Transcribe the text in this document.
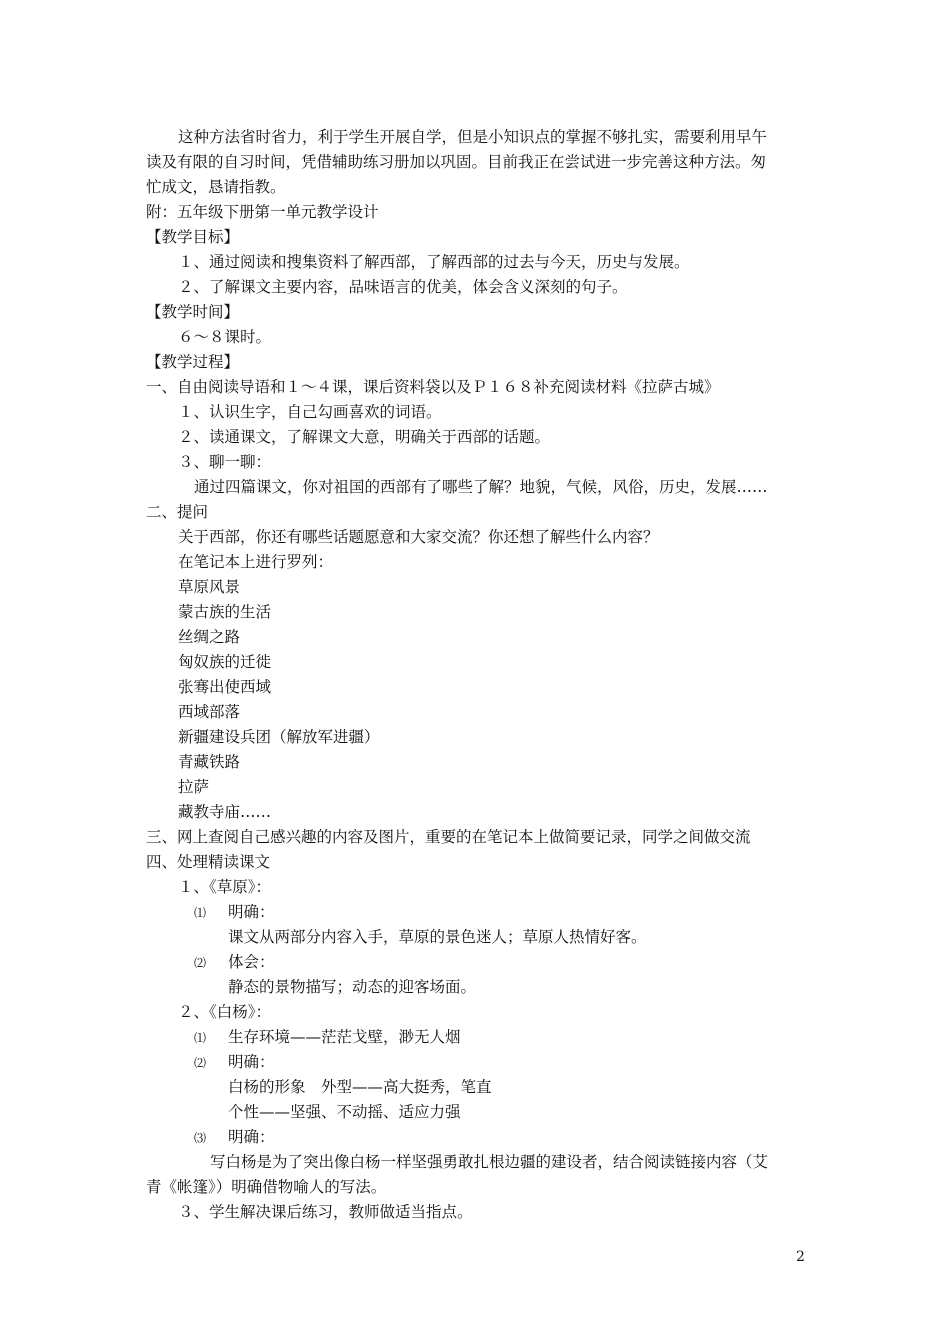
这种方法省时省力，利于学生开展自学，但是小知识点的掌握不够扎实，需要利用早午
读及有限的自习时间，凭借辅助练习册加以巩固。目前我正在尝试进一步完善这种方法。匆
忙成文，恳请指教。
附：五年级下册第一单元教学设计
【教学目标】
１、通过阅读和搜集资料了解西部，了解西部的过去与今天，历史与发展。
２、了解课文主要内容，品味语言的优美，体会含义深刻的句子。
【教学时间】
６～８课时。
【教学过程】
一、自由阅读导语和１～４课，课后资料袋以及Ｐ１６８补充阅读材料《拉萨古城》
１、认识生字，自己勾画喜欢的词语。
２、读通课文，了解课文大意，明确关于西部的话题。
３、聊一聊：
通过四篇课文，你对祖国的西部有了哪些了解？地貌，气候，风俗，历史，发展……
二、提问
关于西部，你还有哪些话题愿意和大家交流？你还想了解些什么内容？
在笔记本上进行罗列：
草原风景
蒙古族的生活
丝绸之路
匈奴族的迁徙
张骞出使西域
西域部落
新疆建设兵团（解放军进疆）
青藏铁路
拉萨
藏教寺庙……
三、网上查阅自己感兴趣的内容及图片，重要的在笔记本上做简要记录，同学之间做交流
四、处理精读课文
１、《草原》：
⑴ 明确：
课文从两部分内容入手，草原的景色迷人；草原人热情好客。
⑵ 体会：
静态的景物描写；动态的迎客场面。
２、《白杨》：
⑴ 生存环境——茫茫戈壁，渺无人烟
⑵ 明确：
白杨的形象　外型——高大挺秀，笔直
个性——坚强、不动摇、适应力强
⑶ 明确：
写白杨是为了突出像白杨一样坚强勇敢扎根边疆的建设者，结合阅读链接内容（艾
青《帐篷》）明确借物喻人的写法。
３、学生解决课后练习，教师做适当指点。
2
